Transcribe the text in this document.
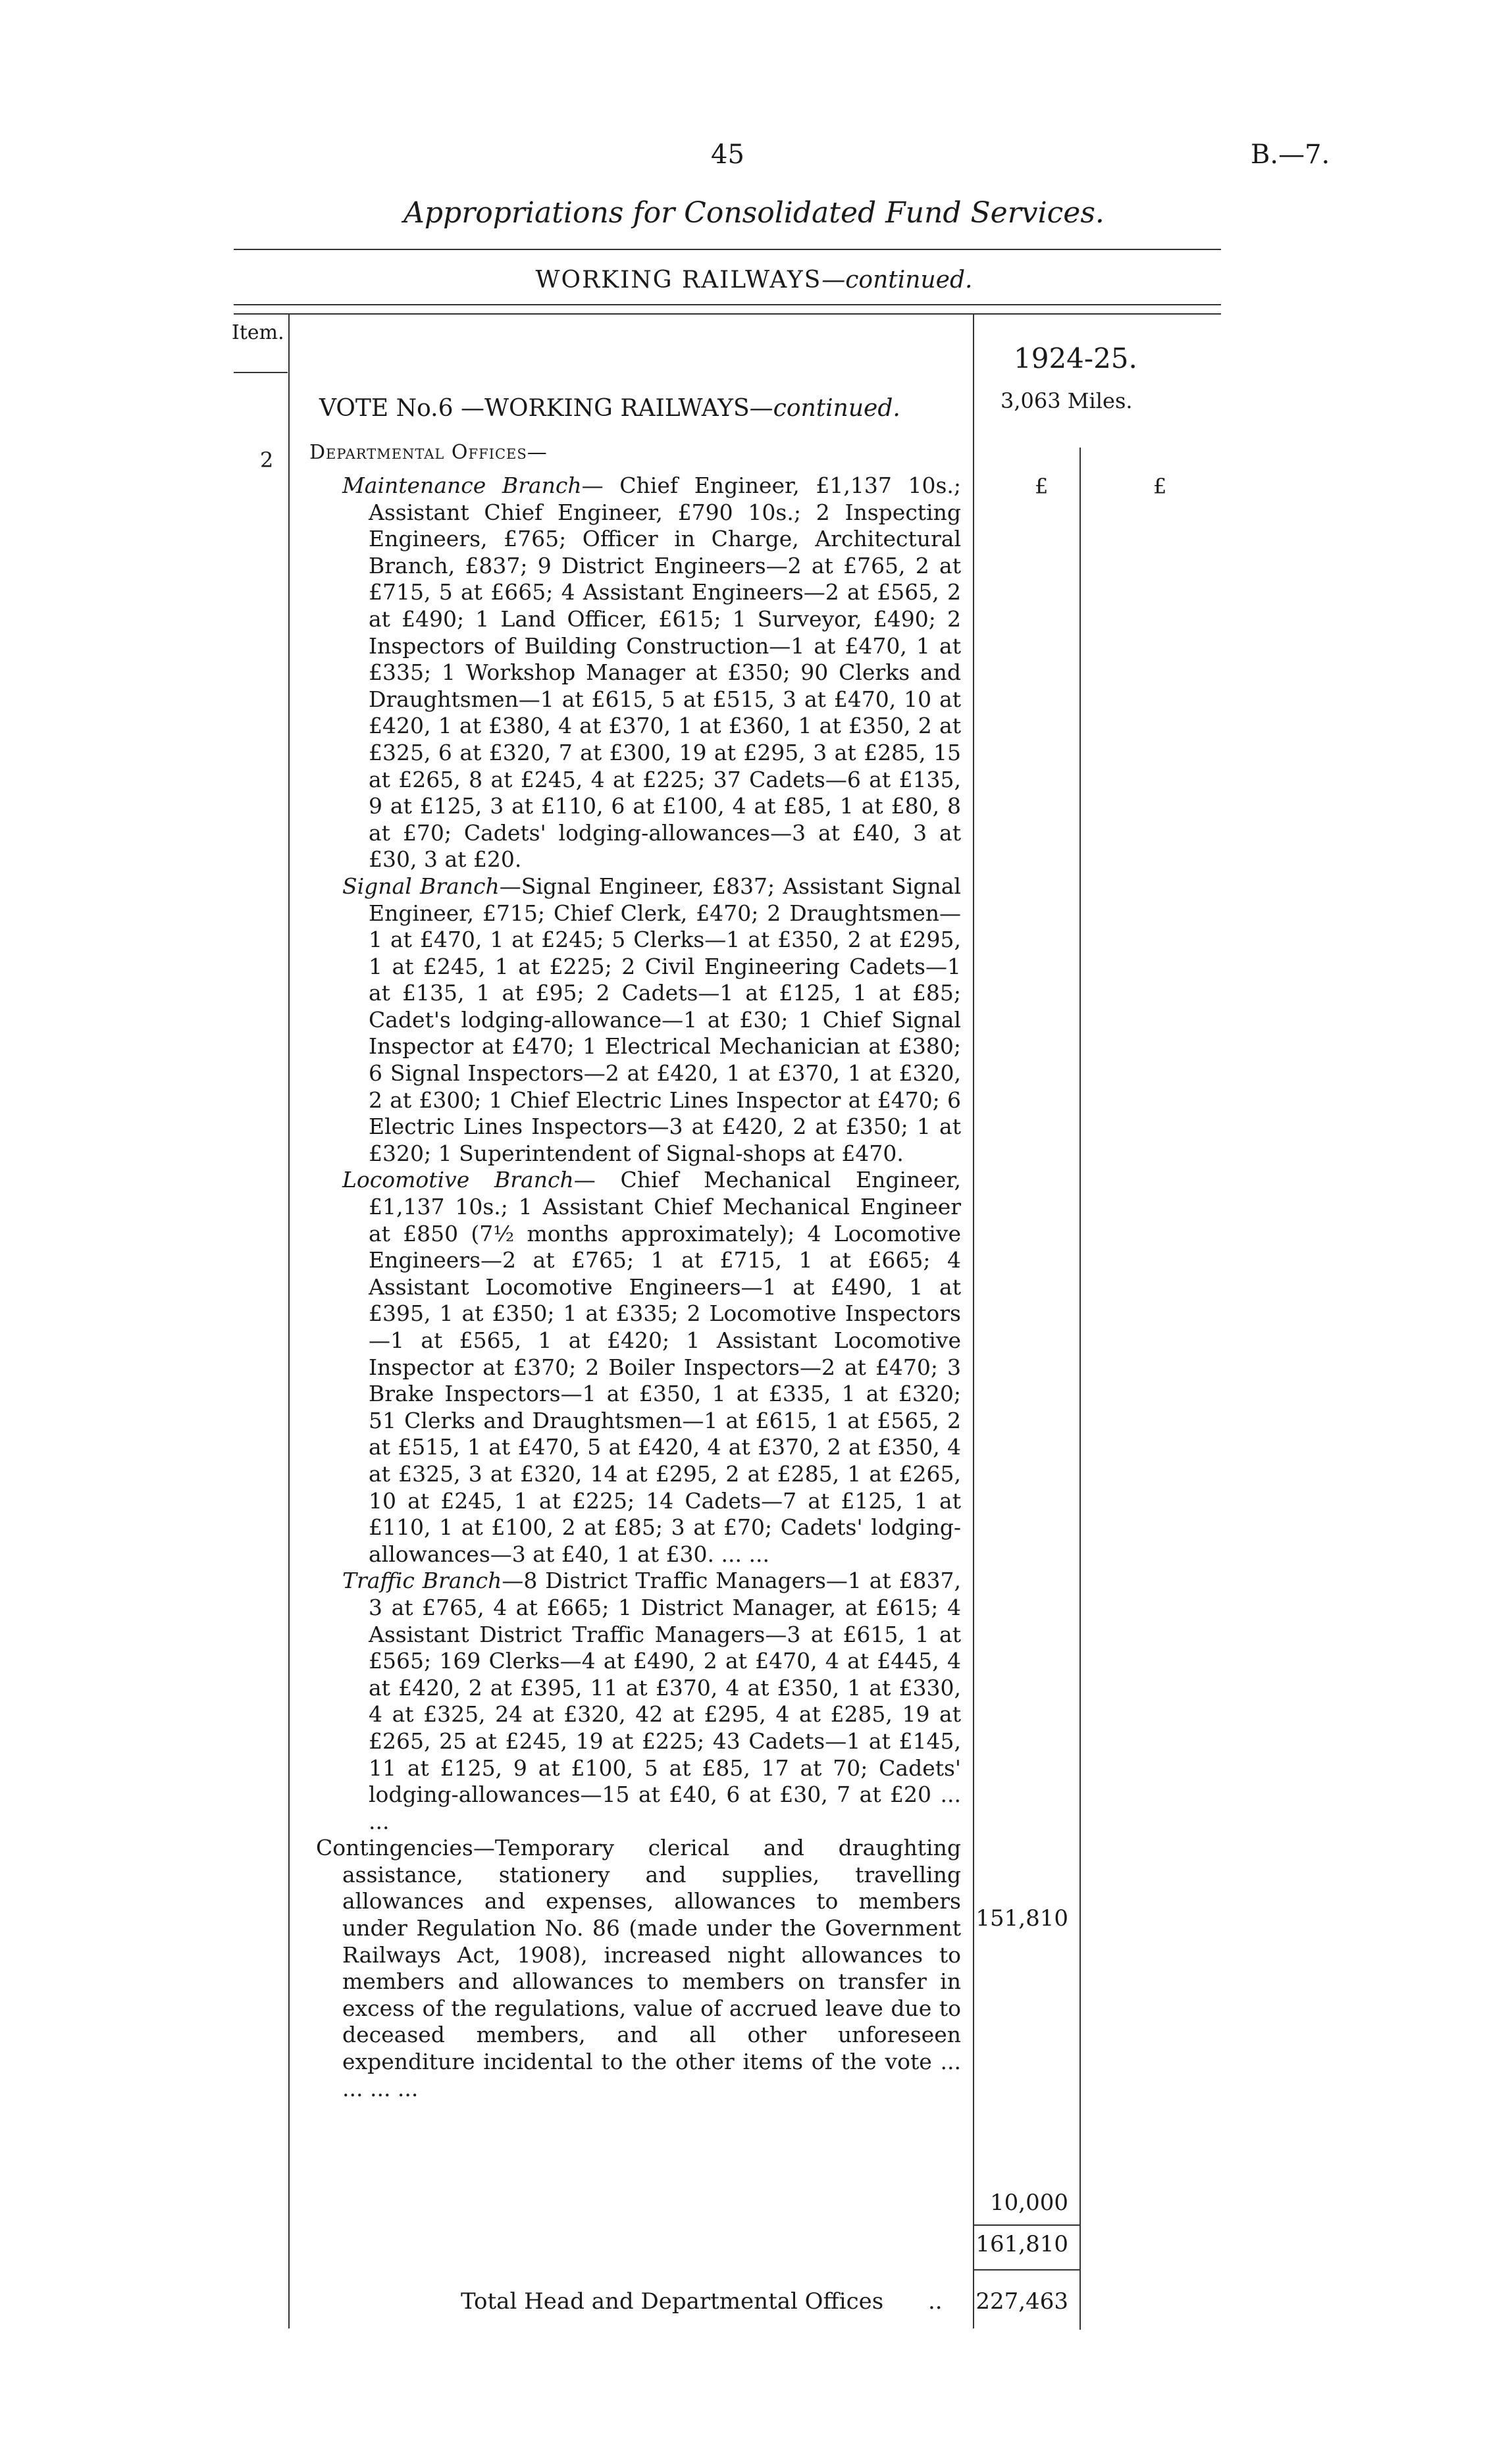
45	B.—7.
Appropriations for Consolidated Fund Services.
WORKING RAILWAYS—continued.
Item.
1924-25.
3,063 Miles.
VOTE No.6 —WORKING RAILWAYS—continued.
2 Departmental Offices—
£	£

Maintenance Branch— Chief Engineer, £1,137 10s.; Assistant Chief Engineer, £790 10s.; 2 Inspecting Engineers, £765; Officer in Charge, Architectural Branch, £837; 9 District Engineers—2 at £765, 2 at £715, 5 at £665; 4 Assistant Engineers—2 at £565, 2 at £490; 1 Land Officer, £615; 1 Surveyor, £490; 2 Inspectors of Building Construction—1 at £470, 1 at £335; 1 Workshop Manager at £350; 90 Clerks and Draughtsmen—1 at £615, 5 at £515, 3 at £470, 10 at £420, 1 at £380, 4 at £370, 1 at £360, 1 at £350, 2 at £325, 6 at £320, 7 at £300, 19 at £295, 3 at £285, 15 at £265, 8 at £245, 4 at £225; 37 Cadets—6 at £135, 9 at £125, 3 at £110, 6 at £100, 4 at £85, 1 at £80, 8 at £70; Cadets' lodging-allowances—3 at £40, 3 at £30, 3 at £20.

Signal Branch—Signal Engineer, £837; Assistant Signal Engineer, £715; Chief Clerk, £470; 2 Draughtsmen—1 at £470, 1 at £245; 5 Clerks—1 at £350, 2 at £295, 1 at £245, 1 at £225; 2 Civil Engineering Cadets—1 at £135, 1 at £95; 2 Cadets—1 at £125, 1 at £85; Cadet's lodging-allowance—1 at £30; 1 Chief Signal Inspector at £470; 1 Electrical Mechanician at £380; 6 Signal Inspectors—2 at £420, 1 at £370, 1 at £320, 2 at £300; 1 Chief Electric Lines Inspector at £470; 6 Electric Lines Inspectors—3 at £420, 2 at £350; 1 at £320; 1 Superintendent of Signal-shops at £470.

Locomotive Branch— Chief Mechanical Engineer, £1,137 10s.; 1 Assistant Chief Mechanical Engineer at £850 (7½ months approximately); 4 Locomotive Engineers—2 at £765; 1 at £715, 1 at £665; 4 Assistant Locomotive Engineers—1 at £490, 1 at £395, 1 at £350; 1 at £335; 2 Locomotive Inspectors—1 at £565, 1 at £420; 1 Assistant Locomotive Inspector at £370; 2 Boiler Inspectors—2 at £470; 3 Brake Inspectors—1 at £350, 1 at £335, 1 at £320; 51 Clerks and Draughtsmen—1 at £615, 1 at £565, 2 at £515, 1 at £470, 5 at £420, 4 at £370, 2 at £350, 4 at £325, 3 at £320, 14 at £295, 2 at £285, 1 at £265, 10 at £245, 1 at £225; 14 Cadets—7 at £125, 1 at £110, 1 at £100, 2 at £85; 3 at £70; Cadets' lodging-allowances—3 at £40, 1 at £30. ... ...

Traffic Branch—8 District Traffic Managers—1 at £837, 3 at £765, 4 at £665; 1 District Manager, at £615; 4 Assistant District Traffic Managers—3 at £615, 1 at £565; 169 Clerks—4 at £490, 2 at £470, 4 at £445, 4 at £420, 2 at £395, 11 at £370, 4 at £350, 1 at £330, 4 at £325, 24 at £320, 42 at £295, 4 at £285, 19 at £265, 25 at £245, 19 at £225; 43 Cadets—1 at £145, 11 at £125, 9 at £100, 5 at £85, 17 at 70; Cadets' lodging-allowances—15 at £40, 6 at £30, 7 at £20 ... ...

Contingencies—Temporary clerical and draughting assistance, stationery and supplies, travelling allowances and expenses, allowances to members under Regulation No. 86 (made under the Government Railways Act, 1908), increased night allowances to members and allowances to members on transfer in excess of the regulations, value of accrued leave due to deceased members, and all other unforeseen expenditure incidental to the other items of the vote ... ... ... ...

151,810
10,000
161,810
227,463
Total Head and Departmental Offices ..
